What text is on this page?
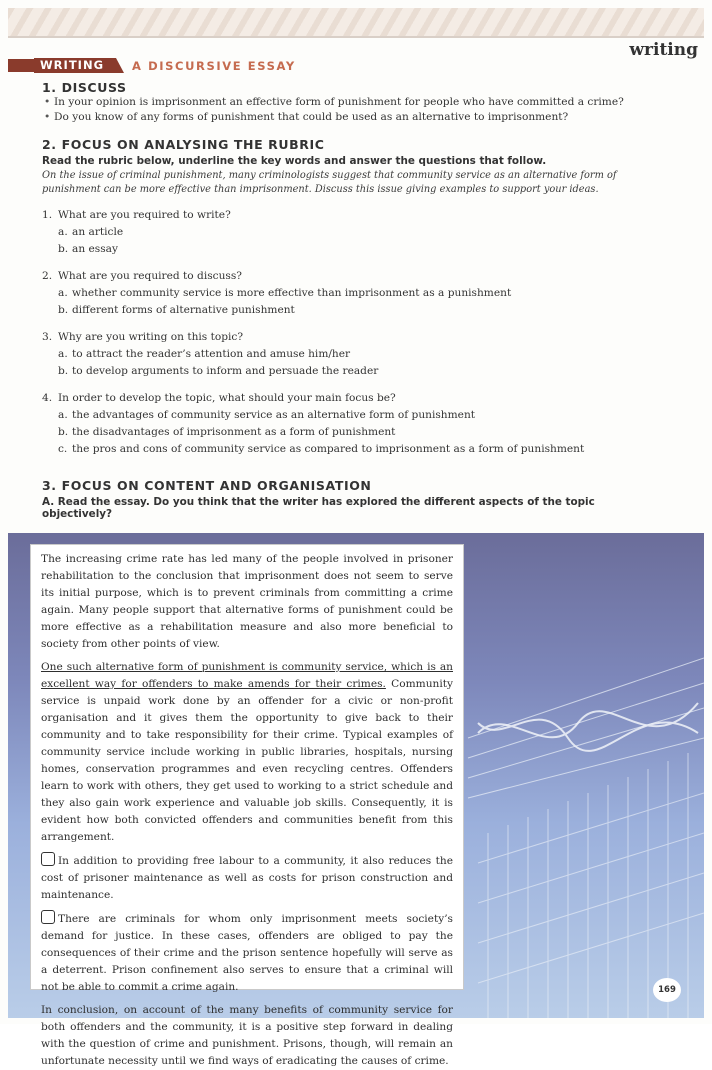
writing
WRITING	A DISCURSIVE ESSAY
1. DISCUSS

• In your opinion is imprisonment an effective form of punishment for people who have committed a crime?

• Do you know of any forms of punishment that could be used as an alternative to imprisonment?

2. FOCUS ON ANALYSING THE RUBRIC
Read the rubric below, underline the key words and answer the questions that follow.
On the issue of criminal punishment, many criminologists suggest that community service as an alternative form of punishment can be more effective than imprisonment. Discuss this issue giving examples to support your ideas.
1. What are you required to write?
a. an article
b. an essay
2. What are you required to discuss?
a. whether community service is more effective than imprisonment as a punishment
b. different forms of alternative punishment
3. Why are you writing on this topic?
a. to attract the reader’s attention and amuse him/her
b. to develop arguments to inform and persuade the reader
4. In order to develop the topic, what should your main focus be?
a. the advantages of community service as an alternative form of punishment
b. the disadvantages of imprisonment as a form of punishment
c. the pros and cons of community service as compared to imprisonment as a form of punishment
3. FOCUS ON CONTENT AND ORGANISATION
A. Read the essay. Do you think that the writer has explored the different aspects of the topic objectively?

The increasing crime rate has led many of the people involved in prisoner rehabilitation to the conclusion that imprisonment does not seem to serve its initial purpose, which is to prevent criminals from committing a crime again. Many people support that alternative forms of punishment could be more effective as a rehabilitation measure and also more beneficial to society from other points of view.

One such alternative form of punishment is community service, which is an excellent way for offenders to make amends for their crimes. Community service is unpaid work done by an offender for a civic or non-profit organisation and it gives them the opportunity to give back to their community and to take responsibility for their crime. Typical examples of community service include working in public libraries, hospitals, nursing homes, conservation programmes and even recycling centres. Offenders learn to work with others, they get used to working to a strict schedule and they also gain work experience and valuable job skills. Consequently, it is evident how both convicted offenders and communities benefit from this arrangement.

In addition to providing free labour to a community, it also reduces the cost of prisoner maintenance as well as costs for prison construction and maintenance.

There are criminals for whom only imprisonment meets society’s demand for justice. In these cases, offenders are obliged to pay the consequences of their crime and the prison sentence hopefully will serve as a deterrent. Prison confinement also serves to ensure that a criminal will not be able to commit a crime again.

In conclusion, on account of the many benefits of community service for both offenders and the community, it is a positive step forward in dealing with the question of crime and punishment. Prisons, though, will remain an unfortunate necessity until we find ways of eradicating the causes of crime.

169
